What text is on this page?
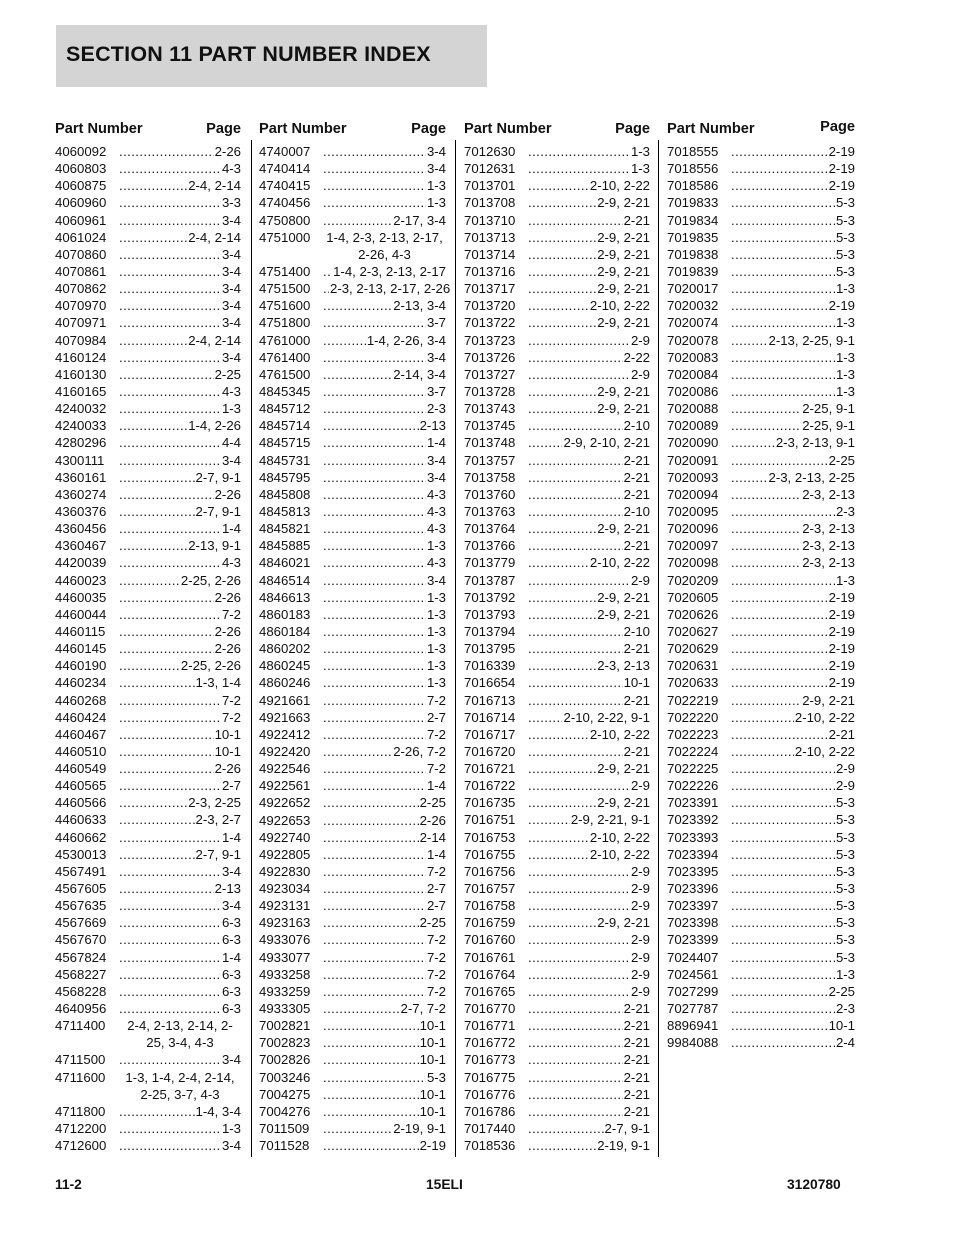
SECTION 11 PART NUMBER INDEX
Part Number	Page
4060092 .....	2-26
4060803 .....	4-3
4060875 .....	2-4, 2-14
4060960 .....	3-3
4060961 .....	3-4
4061024 .....	2-4, 2-14
4070860 .....	3-4
4070861 .....	3-4
4070862 .....	3-4
4070970 .....	3-4
4070971 .....	3-4
4070984 .....	2-4, 2-14
4160124 .....	3-4
4160130 .....	2-25
4160165 .....	4-3
4240032 .....	1-3
4240033 .....	1-4, 2-26
4280296 .....	4-4
4300111 .....	3-4
4360161 .....	2-7, 9-1
4360274 .....	2-26
4360376 .....	2-7, 9-1
4360456 .....	1-4
4360467 .....	2-13, 9-1
4420039 .....	4-3
4460023 .....	2-25, 2-26
4460035 .....	2-26
4460044 .....	7-2
4460115 .....	2-26
4460145 .....	2-26
4460190 .....	2-25, 2-26
4460234 .....	1-3, 1-4
4460268 .....	7-2
4460424 .....	7-2
4460467 .....	10-1
4460510 .....	10-1
4460549 .....	2-26
4460565 .....	2-7
4460566 .....	2-3, 2-25
4460633 .....	2-3, 2-7
4460662 .....	1-4
4530013 .....	2-7, 9-1
4567491 .....	3-4
4567605 .....	2-13
4567635 .....	3-4
4567669 .....	6-3
4567670 .....	6-3
4567824 .....	1-4
4568227 .....	6-3
4568228 .....	6-3
4640956 .....	6-3
4711400	2-4, 2-13, 2-14, 2-25, 3-4, 4-3
4711500 .....	3-4
4711600	1-3, 1-4, 2-4, 2-14, 2-25, 3-7, 4-3
4711800 .....	1-4, 3-4
4712200 .....	1-3
4712600 .....	3-4
Part Number	Page
4740007 .....	3-4
4740414 .....	3-4
4740415 .....	1-3
4740456 .....	1-3
4750800 .....	2-17, 3-4
4751000 1-4, 2-3, 2-13, 2-17, 2-26, 4-3
4751400 ..... 1-4, 2-3, 2-13, 2-17
4751500 ..... 2-3, 2-13, 2-17, 2-26
4751600 .....	2-13, 3-4
4751800 .....	3-7
4761000 .....	1-4, 2-26, 3-4
4761400 .....	3-4
4761500 .....	2-14, 3-4
4845345 .....	3-7
4845712 .....	2-3
4845714 .....	2-13
4845715 .....	1-4
4845731 .....	3-4
4845795 .....	3-4
4845808 .....	4-3
4845813 .....	4-3
4845821 .....	4-3
4845885 .....	1-3
4846021 .....	4-3
4846514 .....	3-4
4846613 .....	1-3
4860183 .....	1-3
4860184 .....	1-3
4860202 .....	1-3
4860245 .....	1-3
4860246 .....	1-3
4921661 .....	7-2
4921663 .....	2-7
4922412 .....	7-2
4922420 .....	2-26, 7-2
4922546 .....	7-2
4922561 .....	1-4
4922652 .....	2-25
4922653 .....	2-26
4922740 .....	2-14
4922805 .....	1-4
4922830 .....	7-2
4923034 .....	2-7
4923131 .....	2-7
4923163 .....	2-25
4933076 .....	7-2
4933077 .....	7-2
4933258 .....	7-2
4933259 .....	7-2
4933305 .....	2-7, 7-2
7002821 .....	10-1
7002823 .....	10-1
7002826 .....	10-1
7003246 .....	5-3
7004275 .....	10-1
7004276 .....	10-1
7011509 .....	2-19, 9-1
7011528 .....	2-19
Part Number	Page
7012630 .....	1-3
7012631 .....	1-3
7013701 .....	2-10, 2-22
7013708 .....	2-9, 2-21
7013710 .....	2-21
7013713 .....	2-9, 2-21
7013714 .....	2-9, 2-21
7013716 .....	2-9, 2-21
7013717 .....	2-9, 2-21
7013720 .....	2-10, 2-22
7013722 .....	2-9, 2-21
7013723 .....	2-9
7013726 .....	2-22
7013727 .....	2-9
7013728 .....	2-9, 2-21
7013743 .....	2-9, 2-21
7013745 .....	2-10
7013748 .....	2-9, 2-10, 2-21
7013757 .....	2-21
7013758 .....	2-21
7013760 .....	2-21
7013763 .....	2-10
7013764 .....	2-9, 2-21
7013766 .....	2-21
7013779 .....	2-10, 2-22
7013787 .....	2-9
7013792 .....	2-9, 2-21
7013793 .....	2-9, 2-21
7013794 .....	2-10
7013795 .....	2-21
7016339 .....	2-3, 2-13
7016654 .....	10-1
7016713 .....	2-21
7016714 .....	2-10, 2-22, 9-1
7016717 .....	2-10, 2-22
7016720 .....	2-21
7016721 .....	2-9, 2-21
7016722 .....	2-9
7016735 .....	2-9, 2-21
7016751 .....	2-9, 2-21, 9-1
7016753 .....	2-10, 2-22
7016755 .....	2-10, 2-22
7016756 .....	2-9
7016757 .....	2-9
7016758 .....	2-9
7016759 .....	2-9, 2-21
7016760 .....	2-9
7016761 .....	2-9
7016764 .....	2-9
7016765 .....	2-9
7016770 .....	2-21
7016771 .....	2-21
7016772 .....	2-21
7016773 .....	2-21
7016775 .....	2-21
7016776 .....	2-21
7016786 .....	2-21
7017440 .....	2-7, 9-1
7018536 .....	2-19, 9-1
Part Number	Page
7018555 .....	2-19
7018556 .....	2-19
7018586 .....	2-19
7019833 .....	5-3
7019834 .....	5-3
7019835 .....	5-3
7019838 .....	5-3
7019839 .....	5-3
7020017 .....	1-3
7020032 .....	2-19
7020074 .....	1-3
7020078 .....	2-13, 2-25, 9-1
7020083 .....	1-3
7020084 .....	1-3
7020086 .....	1-3
7020088 .....	2-25, 9-1
7020089 .....	2-25, 9-1
7020090 .....	2-3, 2-13, 9-1
7020091 .....	2-25
7020093 .....	2-3, 2-13, 2-25
7020094 .....	2-3, 2-13
7020095 .....	2-3
7020096 .....	2-3, 2-13
7020097 .....	2-3, 2-13
7020098 .....	2-3, 2-13
7020209 .....	1-3
7020605 .....	2-19
7020626 .....	2-19
7020627 .....	2-19
7020629 .....	2-19
7020631 .....	2-19
7020633 .....	2-19
7022219 .....	2-9, 2-21
7022220 .....	2-10, 2-22
7022223 .....	2-21
7022224 .....	2-10, 2-22
7022225 .....	2-9
7022226 .....	2-9
7023391 .....	5-3
7023392 .....	5-3
7023393 .....	5-3
7023394 .....	5-3
7023395 .....	5-3
7023396 .....	5-3
7023397 .....	5-3
7023398 .....	5-3
7023399 .....	5-3
7024407 .....	5-3
7024561 .....	1-3
7027299 .....	2-25
7027787 .....	2-3
8896941 .....	10-1
9984088 .....	2-4
11-2	15ELI	3120780
